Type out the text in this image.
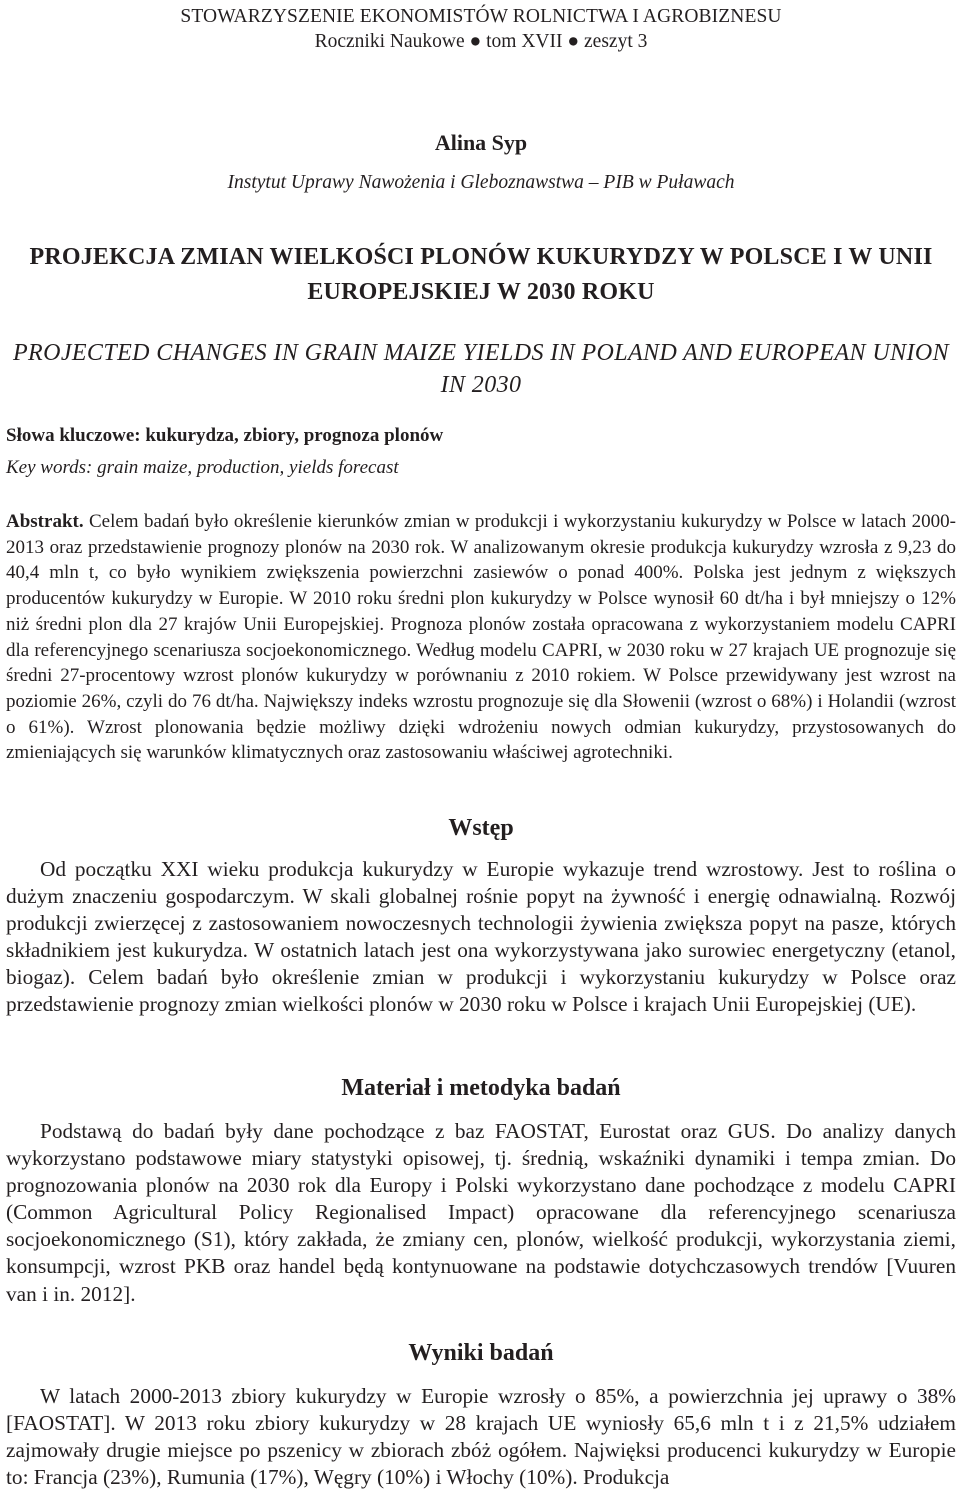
STOWARZYSZENIE EKONOMISTÓW ROLNICTWA I AGROBIZNESU
Roczniki Naukowe ● tom XVII ● zeszyt 3
Alina Syp
Instytut Uprawy Nawożenia i Gleboznawstwa – PIB w Puławach
PROJEKCJA ZMIAN WIELKOŚCI PLONÓW KUKURYDZY W POLSCE I W UNII EUROPEJSKIEJ W 2030 ROKU
PROJECTED CHANGES IN GRAIN MAIZE YIELDS IN POLAND AND EUROPEAN UNION IN 2030
Słowa kluczowe: kukurydza, zbiory, prognoza plonów
Key words: grain maize, production, yields forecast
Abstrakt. Celem badań było określenie kierunków zmian w produkcji i wykorzystaniu kukurydzy w Polsce w latach 2000-2013 oraz przedstawienie prognozy plonów na 2030 rok. W analizowanym okresie produkcja kukurydzy wzrosła z 9,23 do 40,4 mln t, co było wynikiem zwiększenia powierzchni zasiewów o ponad 400%. Polska jest jednym z większych producentów kukurydzy w Europie. W 2010 roku średni plon kukurydzy w Polsce wynosił 60 dt/ha i był mniejszy o 12% niż średni plon dla 27 krajów Unii Europejskiej. Prognoza plonów została opracowana z wykorzystaniem modelu CAPRI dla referencyjnego scenariusza socjoekonomicznego. Według modelu CAPRI, w 2030 roku w 27 krajach UE prognozuje się średni 27-procentowy wzrost plonów kukurydzy w porównaniu z 2010 rokiem. W Polsce przewidywany jest wzrost na poziomie 26%, czyli do 76 dt/ha. Największy indeks wzrostu prognozuje się dla Słowenii (wzrost o 68%) i Holandii (wzrost o 61%). Wzrost plonowania będzie możliwy dzięki wdrożeniu nowych odmian kukurydzy, przystosowanych do zmieniających się warunków klimatycznych oraz zastosowaniu właściwej agrotechniki.
Wstęp
Od początku XXI wieku produkcja kukurydzy w Europie wykazuje trend wzrostowy. Jest to roślina o dużym znaczeniu gospodarczym. W skali globalnej rośnie popyt na żywność i energię odnawialną. Rozwój produkcji zwierzęcej z zastosowaniem nowoczesnych technologii żywienia zwiększa popyt na pasze, których składnikiem jest kukurydza. W ostatnich latach jest ona wykorzystywana jako surowiec energetyczny (etanol, biogaz). Celem badań było określenie zmian w produkcji i wykorzystaniu kukurydzy w Polsce oraz przedstawienie prognozy zmian wielkości plonów w 2030 roku w Polsce i krajach Unii Europejskiej (UE).
Materiał i metodyka badań
Podstawą do badań były dane pochodzące z baz FAOSTAT, Eurostat oraz GUS. Do analizy danych wykorzystano podstawowe miary statystyki opisowej, tj. średnią, wskaźniki dynamiki i tempa zmian. Do prognozowania plonów na 2030 rok dla Europy i Polski wykorzystano dane pochodzące z modelu CAPRI (Common Agricultural Policy Regionalised Impact) opracowane dla referencyjnego scenariusza socjoekonomicznego (S1), który zakłada, że zmiany cen, plonów, wielkość produkcji, wykorzystania ziemi, konsumpcji, wzrost PKB oraz handel będą kontynuowane na podstawie dotychczasowych trendów [Vuuren van i in. 2012].
Wyniki badań
W latach 2000-2013 zbiory kukurydzy w Europie wzrosły o 85%, a powierzchnia jej uprawy o 38% [FAOSTAT]. W 2013 roku zbiory kukurydzy w 28 krajach UE wyniosły 65,6 mln t i z 21,5% udziałem zajmowały drugie miejsce po pszenicy w zbiorach zbóż ogółem. Najwięksi producenci kukurydzy w Europie to: Francja (23%), Rumunia (17%), Węgry (10%) i Włochy (10%). Produkcja
